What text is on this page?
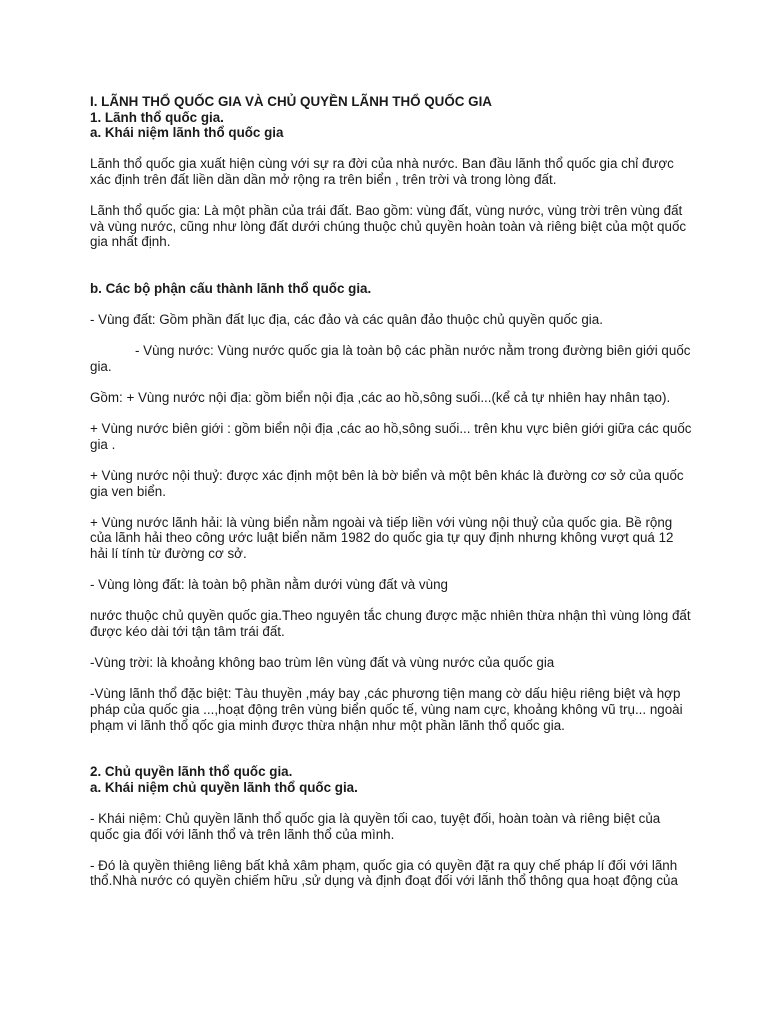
I. LÃNH THỔ QUỐC GIA VÀ CHỦ QUYỀN LÃNH THỔ QUỐC GIA

1. Lãnh thổ quốc gia.

a. Khái niệm lãnh thổ quốc gia

Lãnh thổ quốc gia xuất hiện cùng với sự ra đời của nhà nước. Ban đầu lãnh thổ quốc gia chỉ được xác định trên đất liền dần dần mở rộng ra trên biển , trên trời và trong lòng đất.

Lãnh thổ quốc gia: Là một phần của trái đất. Bao gồm: vùng đất, vùng nước, vùng trời trên vùng đất và vùng nước, cũng như lòng đất dưới chúng thuộc chủ quyền hoàn toàn và riêng biệt của một quốc gia nhất định.

b. Các bộ phận cấu thành lãnh thổ quốc gia.

- Vùng đất: Gồm phần đất lục địa, các đảo và các quân đảo thuộc chủ quyền quốc gia.

- Vùng nước: Vùng nước quốc gia là toàn bộ các phần nước nằm trong đường biên giới quốc gia.

Gồm: + Vùng nước nội địa: gồm biển nội địa ,các ao hồ,sông suối...(kể cả tự nhiên hay nhân tạo).

+ Vùng nước biên giới : gồm biển nội địa ,các ao hồ,sông suối... trên khu vực biên giới giữa các quốc gia .

+ Vùng nước nội thuỷ: được xác định một bên là bờ biển và một bên khác là đường cơ sở của quốc gia ven biển.

+ Vùng nước lãnh hải: là vùng biển nằm ngoài và tiếp liền với vùng nội thuỷ của quốc gia. Bề rộng của lãnh hải theo công ước luật biển năm 1982 do quốc gia tự quy định nhưng không vượt quá 12 hải lí tính từ đường cơ sở.

- Vùng lòng đất: là toàn bộ phần nằm dưới vùng đất và vùng

nước thuộc chủ quyền quốc gia.Theo nguyên tắc chung được mặc nhiên thừa nhận thì vùng lòng đất được kéo dài tới tận tâm trái đất.

-Vùng trời: là khoảng không bao trùm lên vùng đất và vùng nước của quốc gia

-Vùng lãnh thổ đặc biệt: Tàu thuyền ,máy bay ,các phương tiện mang cờ dấu hiệu riêng biệt và hợp pháp của quốc gia ...,hoạt động trên vùng biển quốc tế, vùng nam cực, khoảng không vũ trụ... ngoài phạm vi lãnh thổ qốc gia minh được thừa nhận như một phần lãnh thổ quốc gia.

2. Chủ quyền lãnh thổ quốc gia.

a. Khái niệm chủ quyền lãnh thổ quốc gia.

- Khái niệm: Chủ quyền lãnh thổ quốc gia là quyền tối cao, tuyệt đối, hoàn toàn và riêng biệt của quốc gia đối với lãnh thổ và trên lãnh thổ của mình.

- Đó là quyền thiêng liêng bất khả xâm phạm, quốc gia có quyền đặt ra quy chế pháp lí đối với lãnh thổ.Nhà nước có quyền chiếm hữu ,sử dụng và định đoạt đối với lãnh thổ thông qua hoạt động của
